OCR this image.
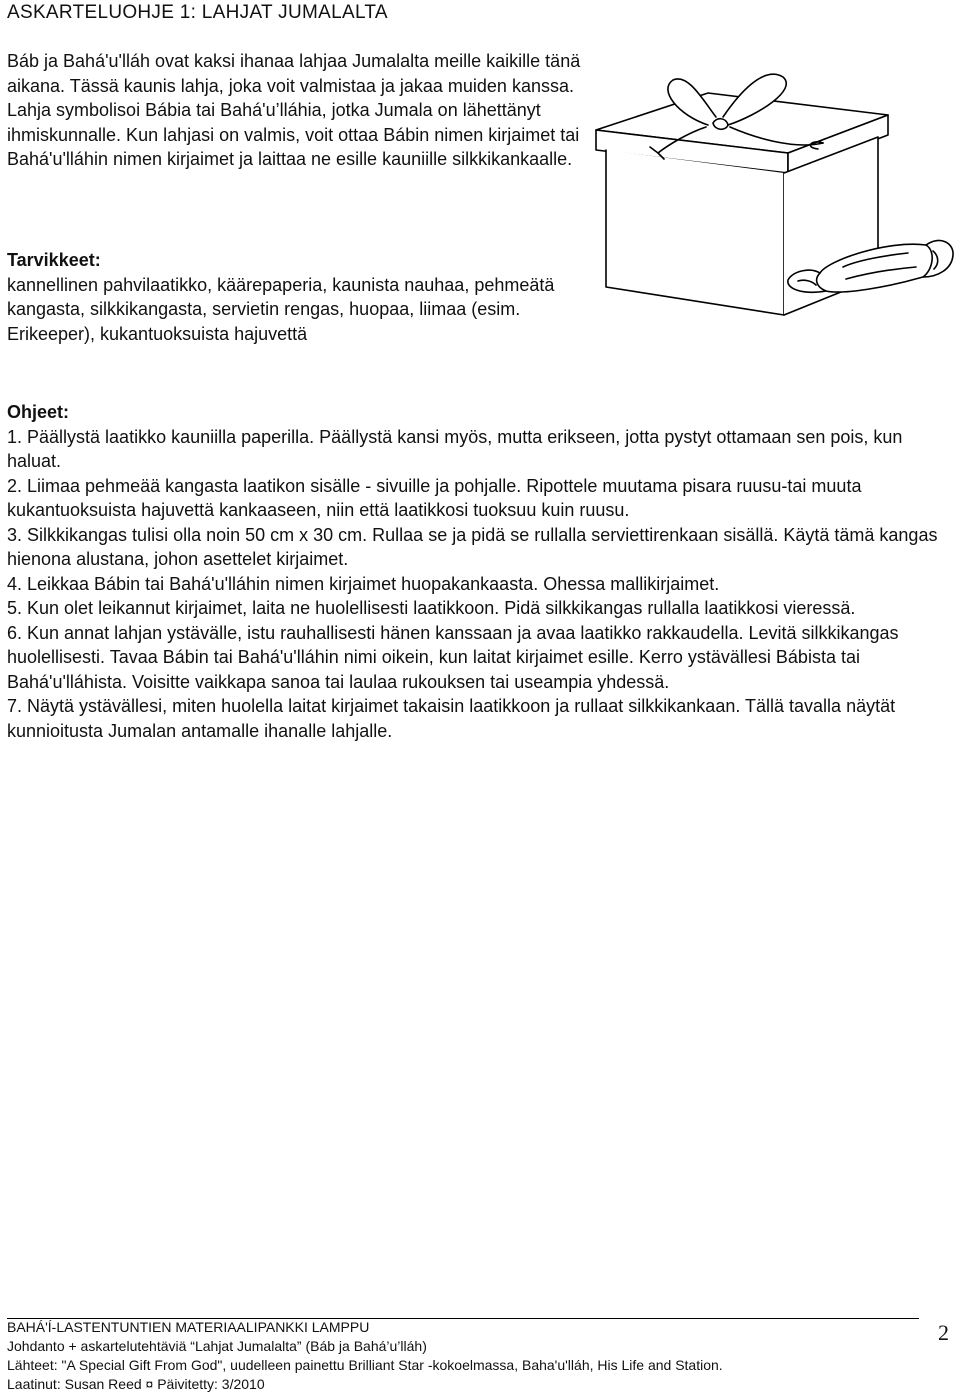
ASKARTELUOHJE 1: LAHJAT JUMALALTA

Báb ja Bahá'u'lláh ovat kaksi ihanaa lahjaa Jumalalta meille kaikille tänä aikana. Tässä kaunis lahja, joka voit valmistaa ja jakaa muiden kanssa. Lahja symbolisoi Bábia tai Bahá'u’lláhia, jotka Jumala on lähettänyt ihmiskunnalle. Kun lahjasi on valmis, voit ottaa Bábin nimen kirjaimet tai Bahá'u'lláhin nimen kirjaimet ja laittaa ne esille kauniille silkkikankaalle.

Tarvikkeet:

kannellinen pahvilaatikko, käärepaperia, kaunista nauhaa, pehmeätä kangasta, silkkikangasta, servietin rengas, huopaa, liimaa (esim. Erikeeper), kukantuoksuista hajuvettä

Ohjeet:

1. Päällystä laatikko kauniilla paperilla. Päällystä kansi myös, mutta erikseen, jotta pystyt ottamaan sen pois, kun haluat.

2. Liimaa pehmeää kangasta laatikon sisälle - sivuille ja pohjalle. Ripottele muutama pisara ruusu-tai muuta kukantuoksuista hajuvettä kankaaseen, niin että laatikkosi tuoksuu kuin ruusu.

3. Silkkikangas tulisi olla noin 50 cm x 30 cm. Rullaa se ja pidä se rullalla serviettirenkaan sisällä. Käytä tämä kangas hienona alustana, johon asettelet kirjaimet.

4. Leikkaa Bábin tai Bahá'u'lláhin nimen kirjaimet huopakankaasta. Ohessa mallikirjaimet.

5. Kun olet leikannut kirjaimet, laita ne huolellisesti laatikkoon. Pidä silkkikangas rullalla laatikkosi vieressä.

6. Kun annat lahjan ystävälle, istu rauhallisesti hänen kanssaan ja avaa laatikko rakkaudella. Levitä silkkikangas huolellisesti. Tavaa Bábin tai Bahá'u'lláhin nimi oikein, kun laitat kirjaimet esille. Kerro ystävällesi Bábista tai Bahá'u'lláhista. Voisitte vaikkapa sanoa tai laulaa rukouksen tai useampia yhdessä.

7. Näytä ystävällesi, miten huolella laitat kirjaimet takaisin laatikkoon ja rullaat silkkikankaan. Tällä tavalla näytät kunnioitusta Jumalan antamalle ihanalle lahjalle.

BAHÁ'Í-LASTENTUNTIEN MATERIAALIPANKKI LAMPPU

Johdanto + askartelutehtäviä “Lahjat Jumalalta” (Báb ja Bahá’u’lláh)

Lähteet: "A Special Gift From God", uudelleen painettu Brilliant Star -kokoelmassa, Baha'u'lláh, His Life and Station.

Laatinut: Susan Reed ¤ Päivitetty: 3/2010

2
